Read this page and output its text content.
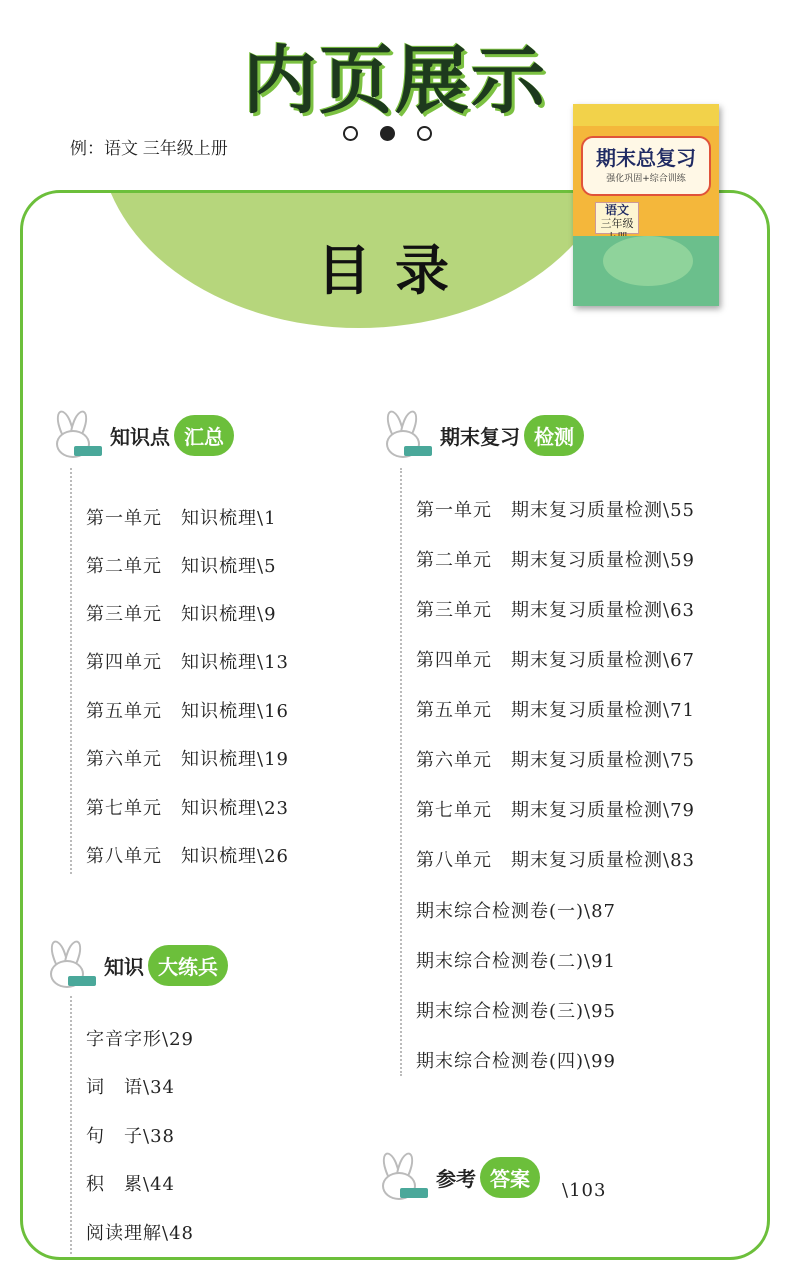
内页展示
例：语文 三年级上册
目录
期末总复习
强化巩固+综合训练
语文
三年级
知识点 汇总
第一单元　知识梳理\1
第二单元　知识梳理\5
第三单元　知识梳理\9
第四单元　知识梳理\13
第五单元　知识梳理\16
第六单元　知识梳理\19
第七单元　知识梳理\23
第八单元　知识梳理\26
期末复习 检测
第一单元　期末复习质量检测\55
第二单元　期末复习质量检测\59
第三单元　期末复习质量检测\63
第四单元　期末复习质量检测\67
第五单元　期末复习质量检测\71
第六单元　期末复习质量检测\75
第七单元　期末复习质量检测\79
第八单元　期末复习质量检测\83
期末综合检测卷(一)\87
期末综合检测卷(二)\91
期末综合检测卷(三)\95
期末综合检测卷(四)\99
知识 大练兵
字音字形\29
词　语\34
句　子\38
积　累\44
阅读理解\48
参考 答案	\103
